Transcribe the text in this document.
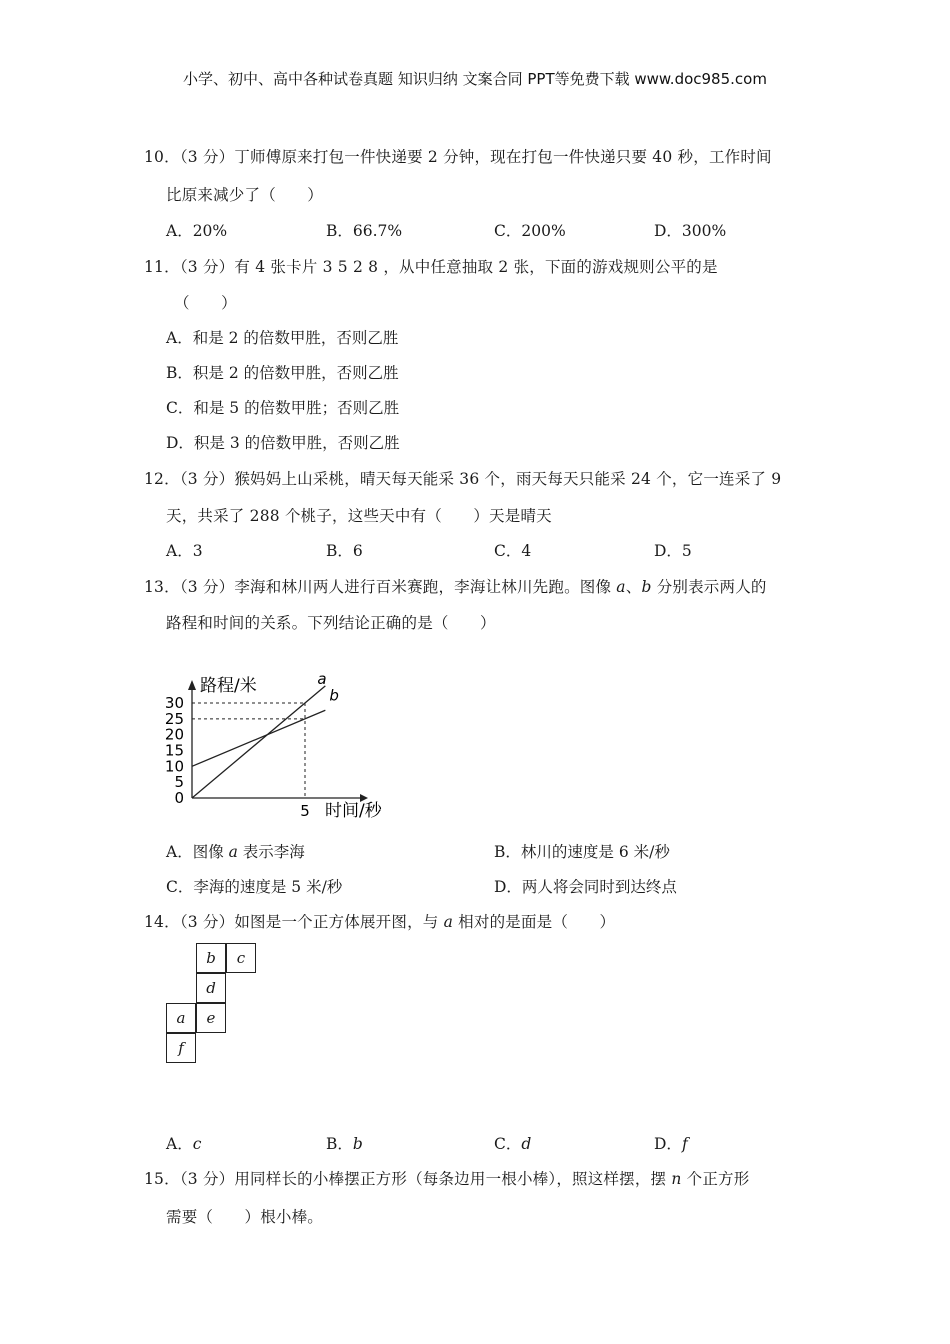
小学、初中、高中各种试卷真题 知识归纳 文案合同 PPT等免费下载 www.doc985.com
10．（3 分）丁师傅原来打包一件快递要 2 分钟，现在打包一件快递只要 40 秒，工作时间
比原来减少了（　　）
A．20%	B．66.7%	C．200%	D．300%
11．（3 分）有 4 张卡片 3 5 2 8 ，从中任意抽取 2 张，下面的游戏规则公平的是
（　　）
A．和是 2 的倍数甲胜，否则乙胜
B．积是 2 的倍数甲胜，否则乙胜
C．和是 5 的倍数甲胜；否则乙胜
D．积是 3 的倍数甲胜，否则乙胜
12．（3 分）猴妈妈上山采桃，晴天每天能采 36 个，雨天每天只能采 24 个，它一连采了 9
天，共采了 288 个桃子，这些天中有（　　）天是晴天
A．3	B．6	C．4	D．5
13．（3 分）李海和林川两人进行百米赛跑，李海让林川先跑。图像 a、b 分别表示两人的
路程和时间的关系。下列结论正确的是（　　）
a
b
0
5
10
15
20
25
30
5
路程/米
时间/秒
A．图像 a 表示李海	B．林川的速度是 6 米/秒
C．李海的速度是 5 米/秒	D．两人将会同时到达终点
14．（3 分）如图是一个正方体展开图，与 a 相对的是面是（　　）
b	c
d
a	e
f
A．c	B．b	C．d	D．f
15．（3 分）用同样长的小棒摆正方形（每条边用一根小棒），照这样摆，摆 n 个正方形
需要（　　）根小棒。
